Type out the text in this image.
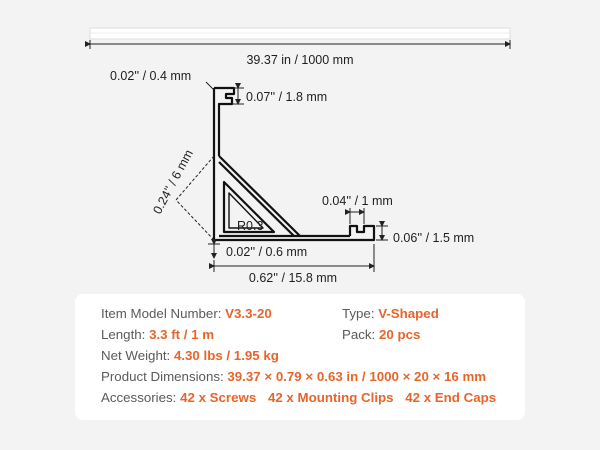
39.37 in / 1000 mm
0.02'' / 0.4 mm
0.07'' / 1.8 mm
0.24'' / 6 mm
R0.3
0.04'' / 1 mm
0.06'' / 1.5 mm
0.02'' / 0.6 mm
0.62'' / 15.8 mm
Item Model Number: V3.3-20	Type: V-Shaped
Length: 3.3 ft / 1 m	Pack: 20 pcs
Net Weight: 4.30 lbs / 1.95 kg
Product Dimensions: 39.37 × 0.79 × 0.63 in / 1000 × 20 × 16 mm
Accessories: 42 x Screws 42 x Mounting Clips 42 x End Caps
